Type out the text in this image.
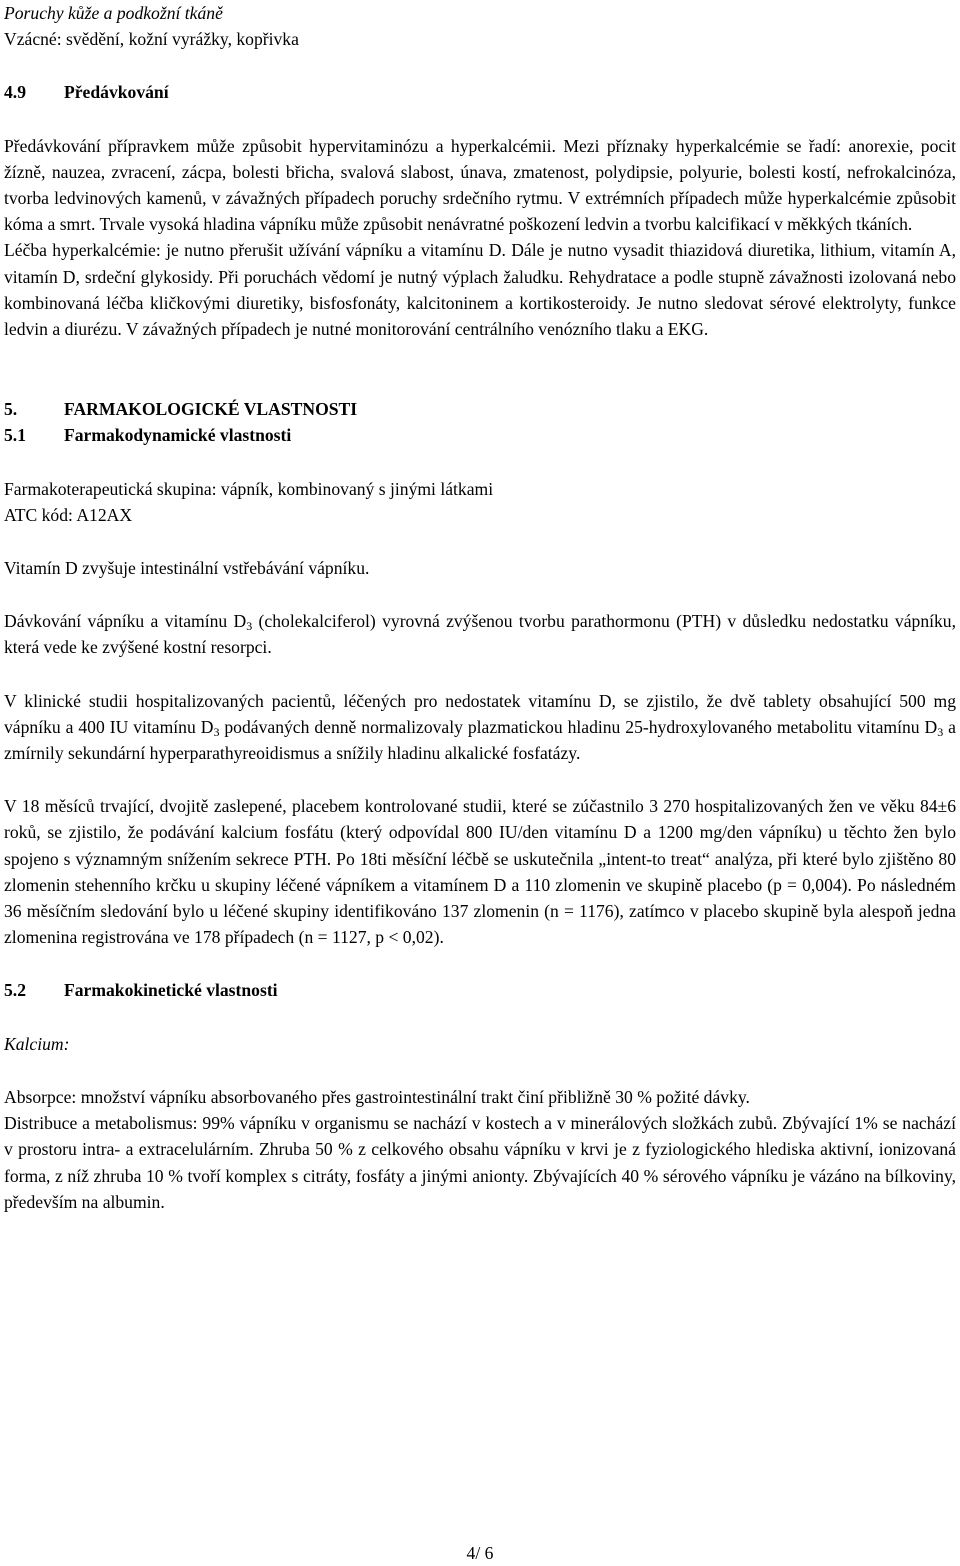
Poruchy kůže a podkožní tkáně

Vzácné: svědění, kožní vyrážky, kopřivka

4.9	Předávkování

Předávkování přípravkem může způsobit hypervitaminózu a hyperkalcémii. Mezi příznaky hyperkalcémie se řadí: anorexie, pocit žízně, nauzea, zvracení, zácpa, bolesti břicha, svalová slabost, únava, zmatenost, polydipsie, polyurie, bolesti kostí, nefrokalcinóza, tvorba ledvinových kamenů, v závažných případech poruchy srdečního rytmu. V extrémních případech může hyperkalcémie způsobit kóma a smrt. Trvale vysoká hladina vápníku může způsobit nenávratné poškození ledvin a tvorbu kalcifikací v měkkých tkáních.

Léčba hyperkalcémie: je nutno přerušit užívání vápníku a vitamínu D. Dále je nutno vysadit thiazidová diuretika, lithium, vitamín A, vitamín D, srdeční glykosidy. Při poruchách vědomí je nutný výplach žaludku. Rehydratace a podle stupně závažnosti izolovaná nebo kombinovaná léčba kličkovými diuretiky, bisfosfonáty, kalcitoninem a kortikosteroidy. Je nutno sledovat sérové elektrolyty, funkce ledvin a diurézu. V závažných případech je nutné monitorování centrálního venózního tlaku a EKG.

5.	FARMAKOLOGICKÉ VLASTNOSTI
5.1	Farmakodynamické vlastnosti

Farmakoterapeutická skupina: vápník, kombinovaný s jinými látkami

ATC kód: A12AX

Vitamín D zvyšuje intestinální vstřebávání vápníku.

Dávkování vápníku a vitamínu $D_3$ (cholekalciferol) vyrovná zvýšenou tvorbu parathormonu (PTH) v důsledku nedostatku vápníku, která vede ke zvýšené kostní resorpci.

V klinické studii hospitalizovaných pacientů, léčených pro nedostatek vitamínu D, se zjistilo, že dvě tablety obsahující 500 mg vápníku a 400 IU vitamínu $D_3$ podávaných denně normalizovaly plazmatickou hladinu 25-hydroxylovaného metabolitu vitamínu $D_3$ a zmírnily sekundární hyperparathyreoidismus a snížily hladinu alkalické fosfatázy.

V 18 měsíců trvající, dvojitě zaslepené, placebem kontrolované studii, které se zúčastnilo 3 270 hospitalizovaných žen ve věku 84±6 roků, se zjistilo, že podávání kalcium fosfátu (který odpovídal 800 IU/den vitamínu D a 1200 mg/den vápníku) u těchto žen bylo spojeno s významným snížením sekrece PTH. Po 18ti měsíční léčbě se uskutečnila „intent-to treat“ analýza, při které bylo zjištěno 80 zlomenin stehenního krčku u skupiny léčené vápníkem a vitamínem D a 110 zlomenin ve skupině placebo (p = 0,004). Po následném 36 měsíčním sledování bylo u léčené skupiny identifikováno 137 zlomenin (n = 1176), zatímco v placebo skupině byla alespoň jedna zlomenina registrována ve 178 případech (n = 1127, p < 0,02).

5.2	Farmakokinetické vlastnosti

Kalcium:

Absorpce: množství vápníku absorbovaného přes gastrointestinální trakt činí přibližně 30 % požité dávky.

Distribuce a metabolismus: 99% vápníku v organismu se nachází v kostech a v minerálových složkách zubů. Zbývající 1% se nachází v prostoru intra- a extracelulárním. Zhruba 50 % z celkového obsahu vápníku v krvi je z fyziologického hlediska aktivní, ionizovaná forma, z níž zhruba 10 % tvoří komplex s citráty, fosfáty a jinými anionty. Zbývajících 40 % sérového vápníku je vázáno na bílkoviny, především na albumin.

4/ 6
